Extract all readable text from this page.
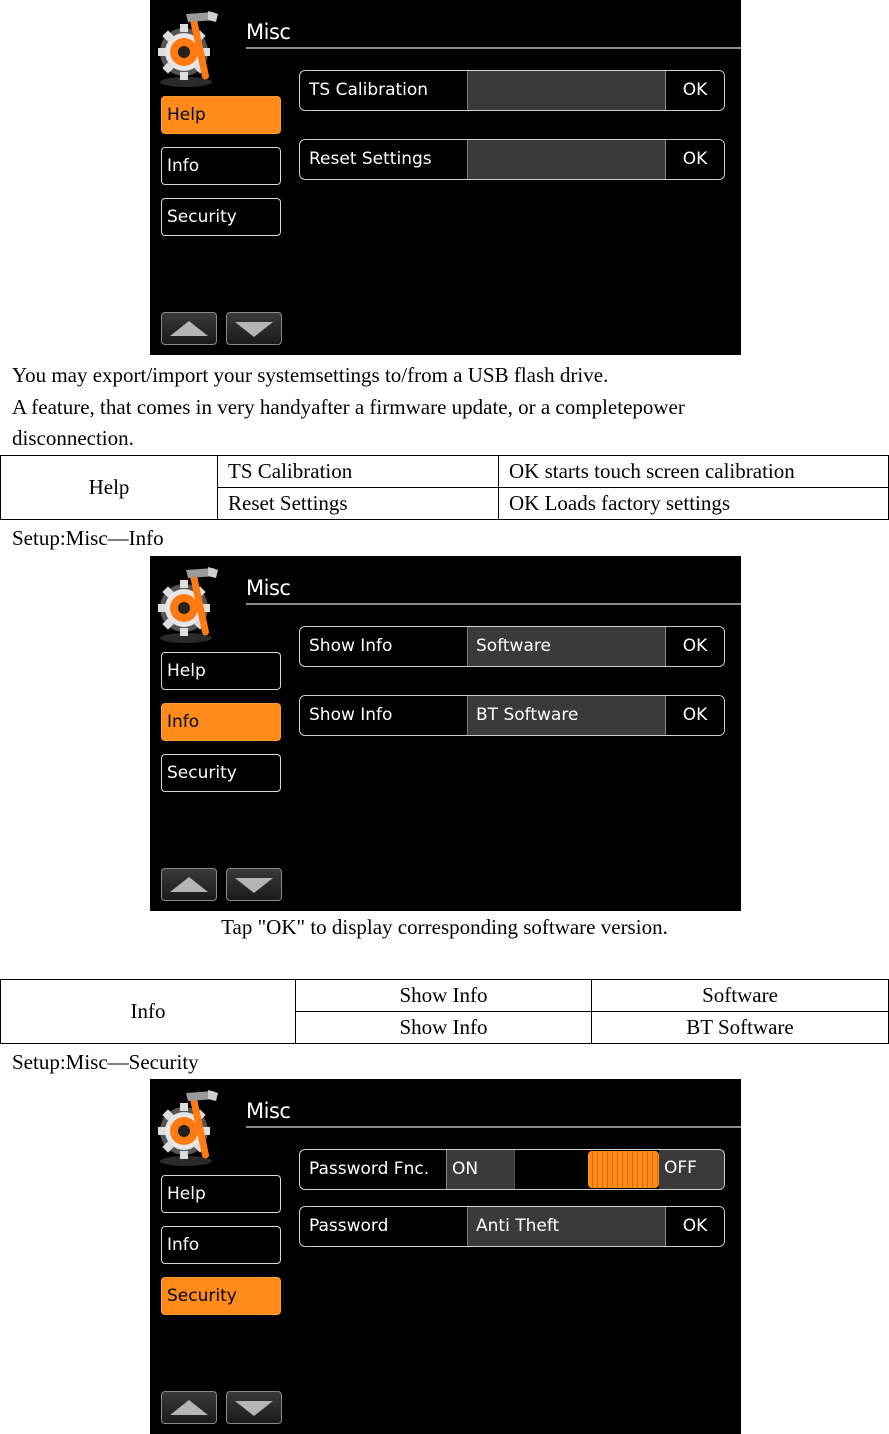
Misc
Help
Info
Security
TS Calibration	OK
Reset Settings	OK
You may export/import your systemsettings to/from a USB flash drive.
A feature, that comes in very handyafter a firmware update, or a completepower
disconnection.
Help	TS Calibration	OK starts touch screen calibration
	Reset Settings	OK Loads factory settings
Setup:Misc—Info
Misc
Help
Info
Security
Show Info	Software	OK
Show Info	BT Software	OK
Tap "OK" to display corresponding software version.
Info	Show Info	Software
	Show Info	BT Software
Setup:Misc—Security
Misc
Help
Info
Security
Password Fnc.	ON	OFF
Password	Anti Theft	OK
